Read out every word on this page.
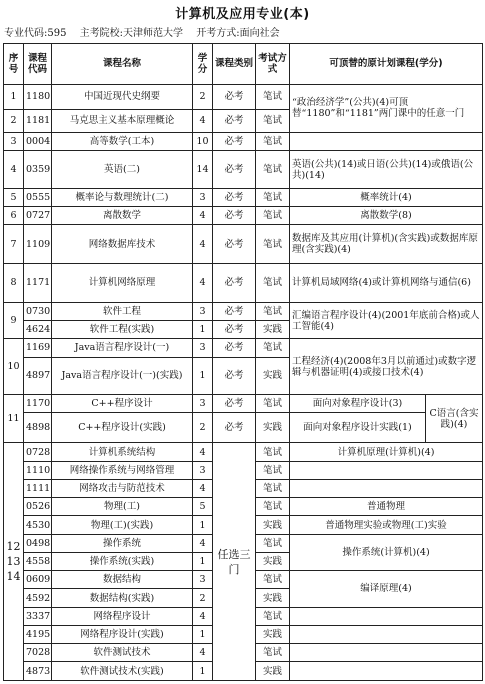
计算机及应用专业(本)
专业代码:595 主考院校:天津师范大学 开考方式:面向社会
序号	课程代码	课程名称	学分	课程类别	考试方式	可顶替的原计划课程(学分)	
1	1180	中国近现代史纲要	2	必考	笔试	“政治经济学”(公共)(4)可顶替“1180”和“1181”两门课中的任意一门	
2	1181	马克思主义基本原理概论	4	必考	笔试		
3	0004	高等数学(工本)	10	必考	笔试		
4	0359	英语(二)	14	必考	笔试	英语(公共)(14)或日语(公共)(14)或俄语(公共)(14)	
5	0555	概率论与数理统计(二)	3	必考	笔试	概率统计(4)	
6	0727	离散数学	4	必考	笔试	离散数学(8)	
7	1109	网络数据库技术	4	必考	笔试	数据库及其应用(计算机)(含实践)或数据库原理(含实践)(4)	
8	1171	计算机网络原理	4	必考	笔试	计算机局域网络(4)或计算机网络与通信(6)	
9	0730	软件工程	3	必考	笔试	汇编语言程序设计(4)(2001年底前合格)或人工智能(4)	
	4624	软件工程(实践)	1	必考	实践		
10	1169	Java语言程序设计(一)	3	必考	笔试	工程经济(4)(2008年3月以前通过)或数字逻辑与机器证明(4)或接口技术(4)	
	4897	Java语言程序设计(一)(实践)	1	必考	实践		
11	1170	C++程序设计	3	必考	笔试	面向对象程序设计(3)	C语言(含实践)(4)
	4898	C++程序设计(实践)	2	必考	实践	面向对象程序设计实践(1)	
12 13 14	0728	计算机系统结构	4	任选三门	笔试	计算机原理(计算机)(4)	
	1110	网络操作系统与网络管理	3		笔试		
	1111	网络攻击与防范技术	4		笔试		
	0526	物理(工)	5		笔试	普通物理	
	4530	物理(工)(实践)	1		实践	普通物理实验或物理(工)实验	
	0498	操作系统	4		笔试	操作系统(计算机)(4)	
	4558	操作系统(实践)	1		实践		
	0609	数据结构	3		笔试	编译原理(4)	
	4592	数据结构(实践)	2		实践		
	3337	网络程序设计	4		笔试		
	4195	网络程序设计(实践)	1		实践		
	7028	软件测试技术	4		笔试		
	4873	软件测试技术(实践)	1		实践		
